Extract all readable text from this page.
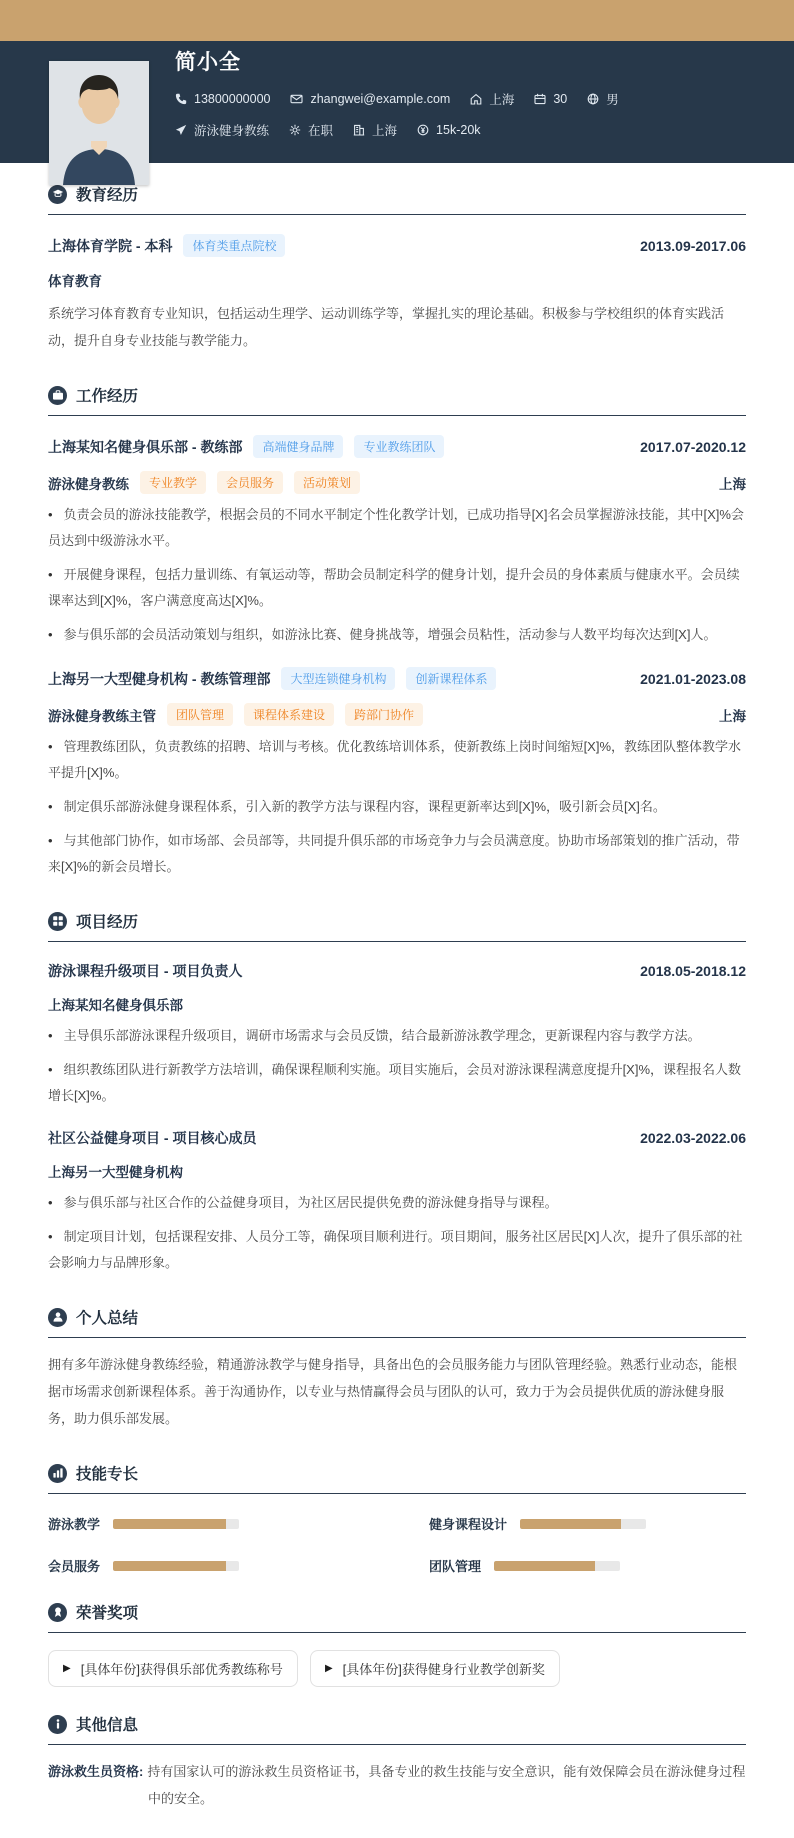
简小全
13800000000	zhangwei@example.com	上海	30	男
游泳健身教练	在职	上海	15k-20k
教育经历
上海体育学院 - 本科	体育类重点院校	2013.09-2017.06
体育教育

系统学习体育教育专业知识，包括运动生理学、运动训练学等，掌握扎实的理论基础。积极参与学校组织的体育实践活动，提升自身专业技能与教学能力。

工作经历
上海某知名健身俱乐部 - 教练部	高端健身品牌	专业教练团队	2017.07-2020.12
游泳健身教练	专业教学	会员服务	活动策划	上海

• 负责会员的游泳技能教学，根据会员的不同水平制定个性化教学计划，已成功指导[X]名会员掌握游泳技能，其中[X]%会员达到中级游泳水平。

• 开展健身课程，包括力量训练、有氧运动等，帮助会员制定科学的健身计划，提升会员的身体素质与健康水平。会员续课率达到[X]%，客户满意度高达[X]%。

• 参与俱乐部的会员活动策划与组织，如游泳比赛、健身挑战等，增强会员粘性，活动参与人数平均每次达到[X]人。

上海另一大型健身机构 - 教练管理部	大型连锁健身机构	创新课程体系	2021.01-2023.08
游泳健身教练主管	团队管理	课程体系建设	跨部门协作	上海

• 管理教练团队，负责教练的招聘、培训与考核。优化教练培训体系，使新教练上岗时间缩短[X]%，教练团队整体教学水平提升[X]%。

• 制定俱乐部游泳健身课程体系，引入新的教学方法与课程内容，课程更新率达到[X]%，吸引新会员[X]名。

• 与其他部门协作，如市场部、会员部等，共同提升俱乐部的市场竞争力与会员满意度。协助市场部策划的推广活动，带来[X]%的新会员增长。

项目经历
游泳课程升级项目 - 项目负责人	2018.05-2018.12
上海某知名健身俱乐部

• 主导俱乐部游泳课程升级项目，调研市场需求与会员反馈，结合最新游泳教学理念，更新课程内容与教学方法。

• 组织教练团队进行新教学方法培训，确保课程顺利实施。项目实施后，会员对游泳课程满意度提升[X]%，课程报名人数增长[X]%。

社区公益健身项目 - 项目核心成员	2022.03-2022.06
上海另一大型健身机构

• 参与俱乐部与社区合作的公益健身项目，为社区居民提供免费的游泳健身指导与课程。

• 制定项目计划，包括课程安排、人员分工等，确保项目顺利进行。项目期间，服务社区居民[X]人次，提升了俱乐部的社会影响力与品牌形象。

个人总结

拥有多年游泳健身教练经验，精通游泳教学与健身指导，具备出色的会员服务能力与团队管理经验。熟悉行业动态，能根据市场需求创新课程体系。善于沟通协作，以专业与热情赢得会员与团队的认可，致力于为会员提供优质的游泳健身服务，助力俱乐部发展。

技能专长
游泳教学	健身课程设计
会员服务	团队管理
荣誉奖项
▶ [具体年份]获得俱乐部优秀教练称号	▶ [具体年份]获得健身行业教学创新奖
其他信息

游泳救生员资格: 持有国家认可的游泳救生员资格证书，具备专业的救生技能与安全意识，能有效保障会员在游泳健身过程中的安全。
